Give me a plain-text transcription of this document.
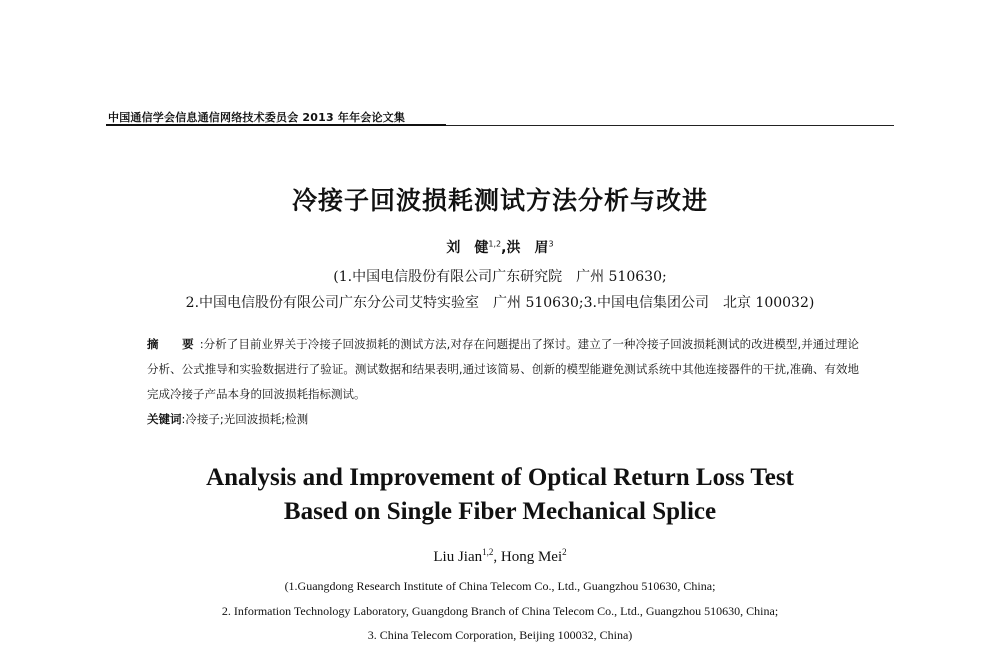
中国通信学会信息通信网络技术委员会 2013 年年会论文集
冷接子回波损耗测试方法分析与改进
刘　健$^{1,2}$,洪　眉$^3$
(1.中国电信股份有限公司广东研究院　广州 510630;
2.中国电信股份有限公司广东分公司艾特实验室　广州 510630;3.中国电信集团公司　北京 100032)
摘　要:分析了目前业界关于冷接子回波损耗的测试方法,对存在问题提出了探讨。建立了一种冷接子回波损耗测试的改进模型,并通过理论分析、公式推导和实验数据进行了验证。测试数据和结果表明,通过该简易、创新的模型能避免测试系统中其他连接器件的干扰,准确、有效地完成冷接子产品本身的回波损耗指标测试。
关键词:冷接子;光回波损耗;检测
Analysis and Improvement of Optical Return Loss Test
Based on Single Fiber Mechanical Splice
Liu Jian$^{1,2}$, Hong Mei$^2$
(1.Guangdong Research Institute of China Telecom Co., Ltd., Guangzhou 510630, China;
2. Information Technology Laboratory, Guangdong Branch of China Telecom Co., Ltd., Guangzhou 510630, China;
3. China Telecom Corporation, Beijing 100032, China)
